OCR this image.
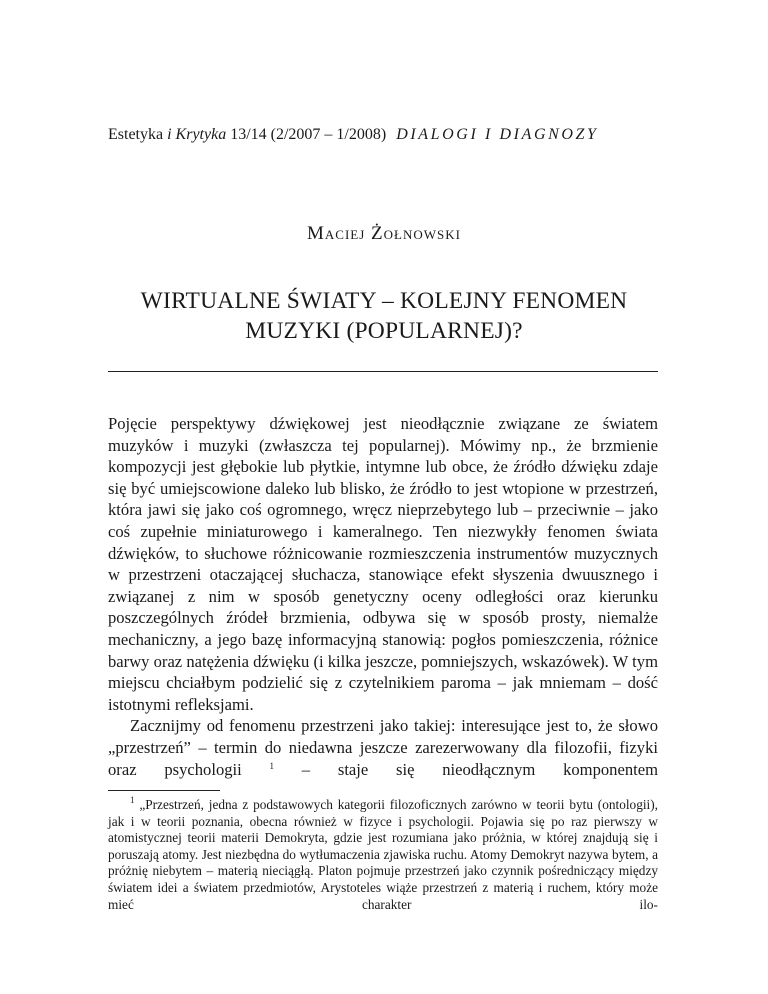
Estetyka i Krytyka 13/14 (2/2007 – 1/2008) DIALOGI I DIAGNOZY
Maciej Żołnowski
WIRTUALNE ŚWIATY – KOLEJNY FENOMEN
MUZYKI (POPULARNEJ)?

Pojęcie perspektywy dźwiękowej jest nieodłącznie związane ze światem muzyków i muzyki (zwłaszcza tej popularnej). Mówimy np., że brzmienie kompozycji jest głębokie lub płytkie, intymne lub obce, że źródło dźwięku zdaje się być umiejscowione daleko lub blisko, że źródło to jest wtopione w przestrzeń, która jawi się jako coś ogromnego, wręcz nieprzebytego lub – przeciwnie – jako coś zupełnie miniaturowego i kameralnego. Ten niezwykły fenomen świata dźwięków, to słuchowe różnicowanie rozmieszczenia instrumentów muzycznych w przestrzeni otaczającej słuchacza, stanowiące efekt słyszenia dwuusznego i związanej z nim w sposób genetyczny oceny odległości oraz kierunku poszczególnych źródeł brzmienia, odbywa się w sposób prosty, niemalże mechaniczny, a jego bazę informacyjną stanowią: pogłos pomieszczenia, różnice barwy oraz natężenia dźwięku (i kilka jeszcze, pomniejszych, wskazówek). W tym miejscu chciałbym podzielić się z czytelnikiem paroma – jak mniemam – dość istotnymi refleksjami.

Zacznijmy od fenomenu przestrzeni jako takiej: interesujące jest to, że słowo „przestrzeń” – termin do niedawna jeszcze zarezerwowany dla filozofii, fizyki oraz psychologii $^1$ – staje się nieodłącznym komponentem

$^1$ „Przestrzeń, jedna z podstawowych kategorii filozoficznych zarówno w teorii bytu (ontologii), jak i w teorii poznania, obecna również w fizyce i psychologii. Pojawia się po raz pierwszy w atomistycznej teorii materii Demokryta, gdzie jest rozumiana jako próżnia, w której znajdują się i poruszają atomy. Jest niezbędna do wytłumaczenia zjawiska ruchu. Atomy Demokryt nazywa bytem, a próżnię niebytem – materią nieciągłą. Platon pojmuje przestrzeń jako czynnik pośredniczący między światem idei a światem przedmiotów, Arystoteles wiąże przestrzeń z materią i ruchem, który może mieć charakter ilo-
